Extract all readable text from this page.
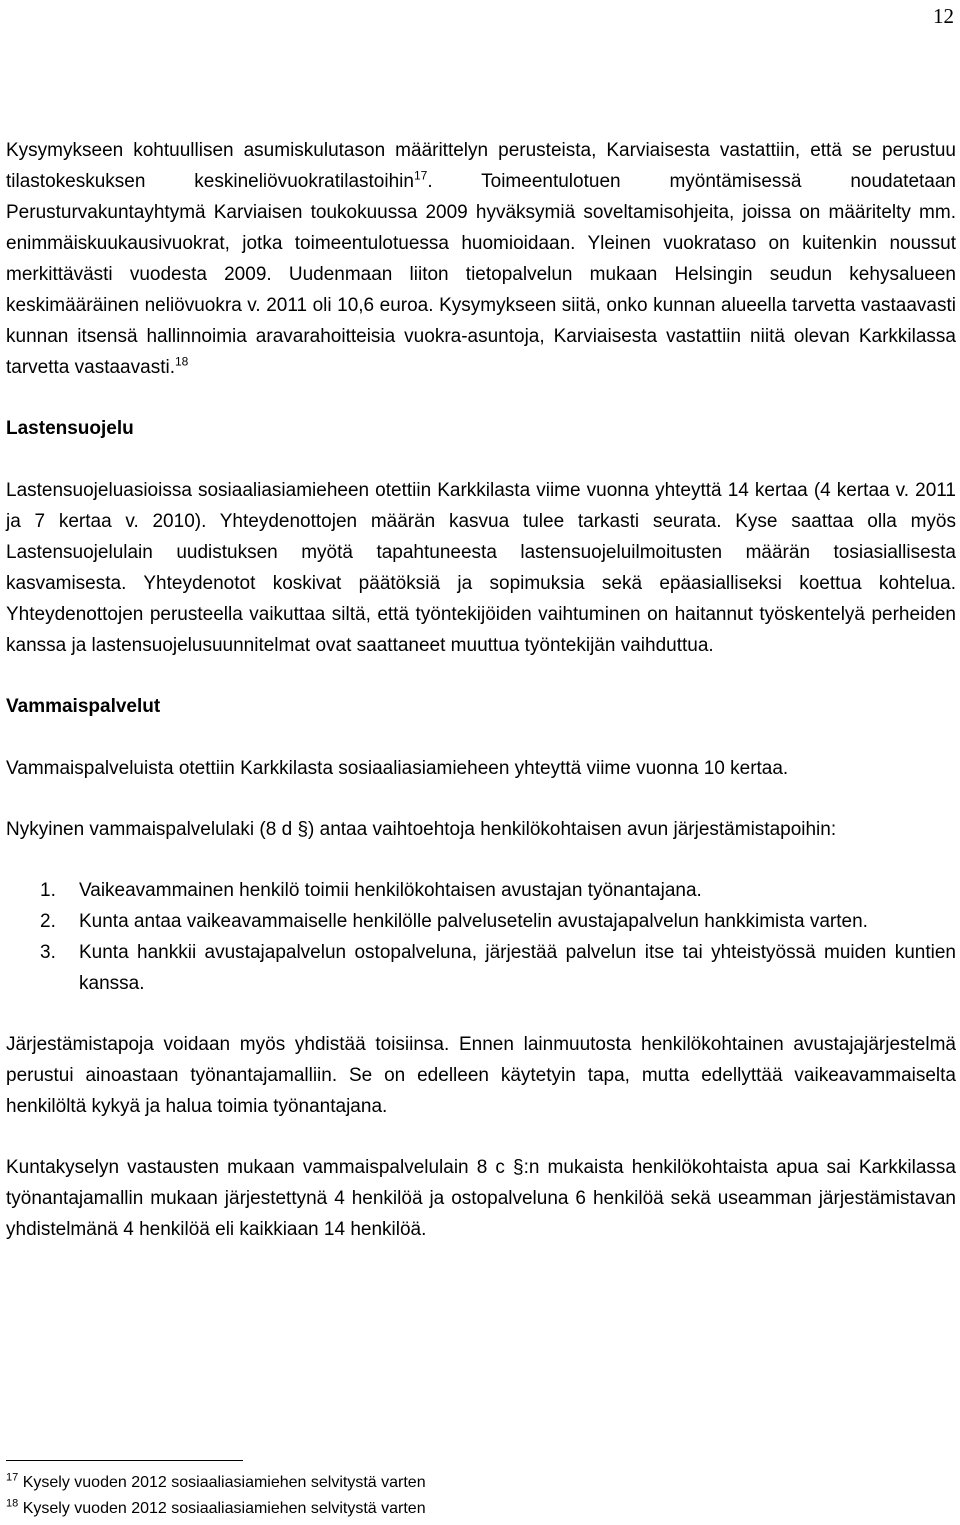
12

Kysymykseen kohtuullisen asumiskulutason määrittelyn perusteista, Karviaisesta vastattiin, että se perustuu tilastokeskuksen keskineliövuokratilastoihin$^{17}$. Toimeentulotuen myöntämisessä noudatetaan Perusturvakuntayhtymä Karviaisen toukokuussa 2009 hyväksymiä soveltamisohjeita, joissa on määritelty mm. enimmäiskuukausivuokrat, jotka toimeentulotuessa huomioidaan. Yleinen vuokrataso on kuitenkin noussut merkittävästi vuodesta 2009. Uudenmaan liiton tietopalvelun mukaan Helsingin seudun kehysalueen keskimääräinen neliövuokra v. 2011 oli 10,6 euroa. Kysymykseen siitä, onko kunnan alueella tarvetta vastaavasti kunnan itsensä hallinnoimia aravarahoitteisia vuokra-asuntoja, Karviaisesta vastattiin niitä olevan Karkkilassa tarvetta vastaavasti.$^{18}$

Lastensuojelu

Lastensuojeluasioissa sosiaaliasiamieheen otettiin Karkkilasta viime vuonna yhteyttä 14 kertaa (4 kertaa v. 2011 ja 7 kertaa v. 2010). Yhteydenottojen määrän kasvua tulee tarkasti seurata. Kyse saattaa olla myös Lastensuojelulain uudistuksen myötä tapahtuneesta lastensuojeluilmoitusten määrän tosiasiallisesta kasvamisesta. Yhteydenotot koskivat päätöksiä ja sopimuksia sekä epäasialliseksi koettua kohtelua. Yhteydenottojen perusteella vaikuttaa siltä, että työntekijöiden vaihtuminen on haitannut työskentelyä perheiden kanssa ja lastensuojelusuunnitelmat ovat saattaneet muuttua työntekijän vaihduttua.

Vammaispalvelut

Vammaispalveluista otettiin Karkkilasta sosiaaliasiamieheen yhteyttä viime vuonna 10 kertaa.

Nykyinen vammaispalvelulaki (8 d §) antaa vaihtoehtoja henkilökohtaisen avun järjestämistapoihin:

1. Vaikeavammainen henkilö toimii henkilökohtaisen avustajan työnantajana.
2. Kunta antaa vaikeavammaiselle henkilölle palvelusetelin avustajapalvelun hankkimista varten.
3. Kunta hankkii avustajapalvelun ostopalveluna, järjestää palvelun itse tai yhteistyössä muiden kuntien kanssa.

Järjestämistapoja voidaan myös yhdistää toisiinsa. Ennen lainmuutosta henkilökohtainen avustajajärjestelmä perustui ainoastaan työnantajamalliin. Se on edelleen käytetyin tapa, mutta edellyttää vaikeavammaiselta henkilöltä kykyä ja halua toimia työnantajana.

Kuntakyselyn vastausten mukaan vammaispalvelulain 8 c §:n mukaista henkilökohtaista apua sai Karkkilassa työnantajamallin mukaan järjestettynä 4 henkilöä ja ostopalveluna 6 henkilöä sekä useamman järjestämistavan yhdistelmänä 4 henkilöä eli kaikkiaan 14 henkilöä.

$^{17}$ Kysely vuoden 2012 sosiaaliasiamiehen selvitystä varten
$^{18}$ Kysely vuoden 2012 sosiaaliasiamiehen selvitystä varten
